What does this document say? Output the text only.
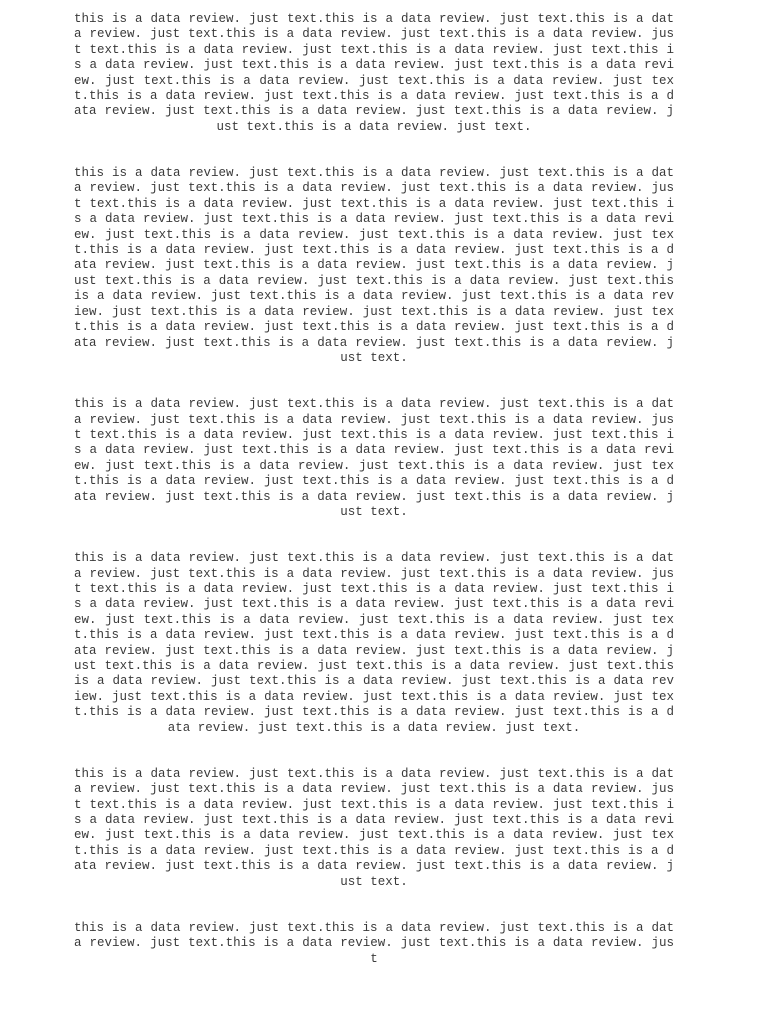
this is a data review. just text.this is a data review. just text.this is a data review. just text.this is a data review. just text.this is a data review. just text.this is a data review. just text.this is a data review. just text.this is a data review. just text.this is a data review. just text.this is a data review. just text.this is a data review. just text.this is a data review. just text.this is a data review. just text.this is a data review. just text.this is a data review. just text.this is a data review. just text.this is a data review. just text.this is a data review. just text.

this is a data review. just text.this is a data review. just text.this is a data review. just text.this is a data review. just text.this is a data review. just text.this is a data review. just text.this is a data review. just text.this is a data review. just text.this is a data review. just text.this is a data review. just text.this is a data review. just text.this is a data review. just text.this is a data review. just text.this is a data review. just text.this is a data review. just text.this is a data review. just text.this is a data review. just text.this is a data review. just text.this is a data review. just text.this is a data review. just text.this is a data review. just text.this is a data review. just text.this is a data review. just text.this is a data review. just text.this is a data review. just text.this is a data review. just text.this is a data review. just text.this is a data review. just text.this is a data review. just text.

this is a data review. just text.this is a data review. just text.this is a data review. just text.this is a data review. just text.this is a data review. just text.this is a data review. just text.this is a data review. just text.this is a data review. just text.this is a data review. just text.this is a data review. just text.this is a data review. just text.this is a data review. just text.this is a data review. just text.this is a data review. just text.this is a data review. just text.this is a data review. just text.this is a data review. just text.

this is a data review. just text.this is a data review. just text.this is a data review. just text.this is a data review. just text.this is a data review. just text.this is a data review. just text.this is a data review. just text.this is a data review. just text.this is a data review. just text.this is a data review. just text.this is a data review. just text.this is a data review. just text.this is a data review. just text.this is a data review. just text.this is a data review. just text.this is a data review. just text.this is a data review. just text.this is a data review. just text.this is a data review. just text.this is a data review. just text.this is a data review. just text.this is a data review. just text.this is a data review. just text.this is a data review. just text.this is a data review. just text.this is a data review. just text.this is a data review. just text.this is a data review. just text.

this is a data review. just text.this is a data review. just text.this is a data review. just text.this is a data review. just text.this is a data review. just text.this is a data review. just text.this is a data review. just text.this is a data review. just text.this is a data review. just text.this is a data review. just text.this is a data review. just text.this is a data review. just text.this is a data review. just text.this is a data review. just text.this is a data review. just text.this is a data review. just text.this is a data review. just text.

this is a data review. just text.this is a data review. just text.this is a data review. just text.this is a data review. just text.this is a data review. just
